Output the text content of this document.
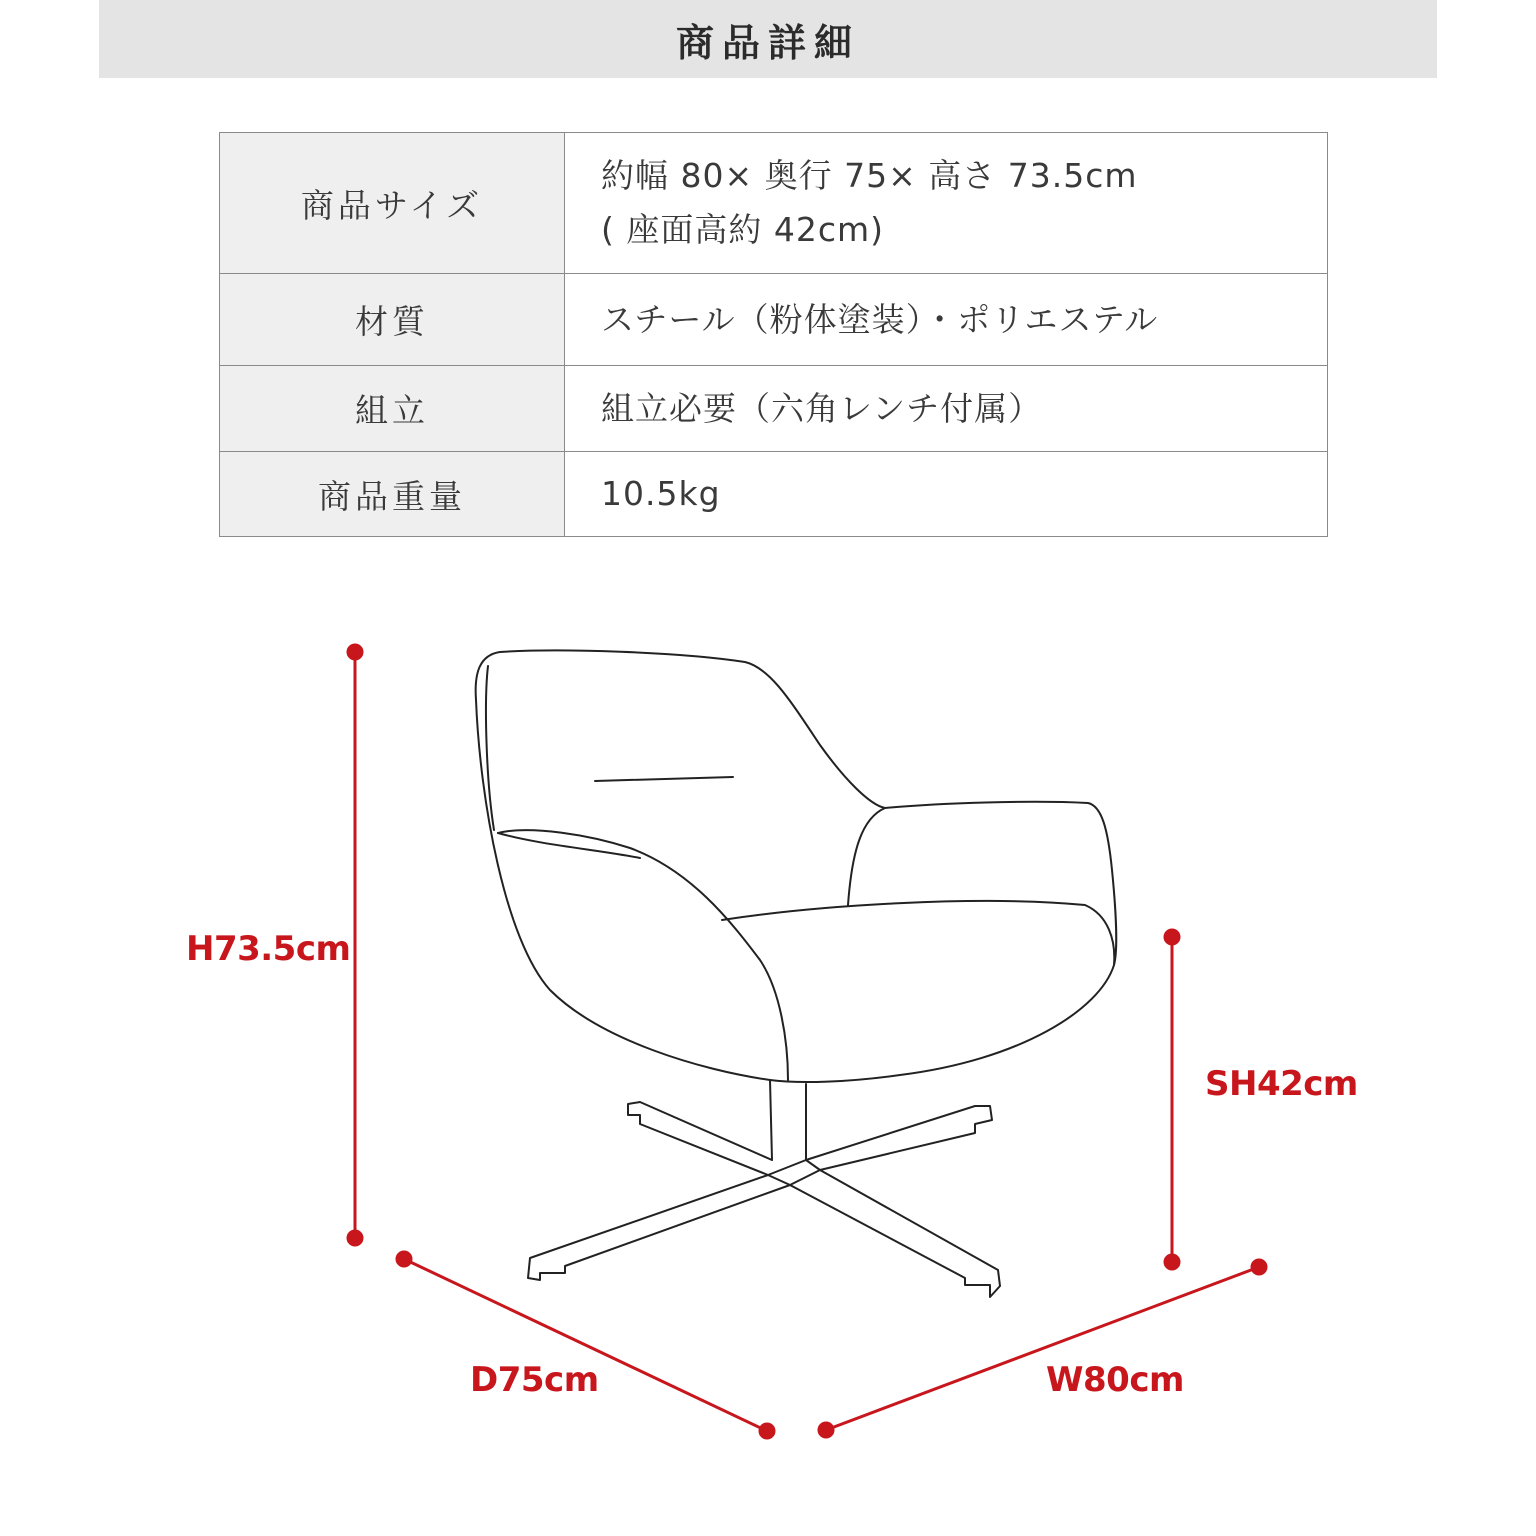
商品詳細
商品サイズ	約幅 80× 奥行 75× 高さ 73.5cm
( 座面高約 42cm)

材質	スチール（粉体塗装）・ポリエステル

組立	組立必要（六角レンチ付属）

商品重量	10.5kg
H73.5cm
SH42cm
D75cm	W80cm
